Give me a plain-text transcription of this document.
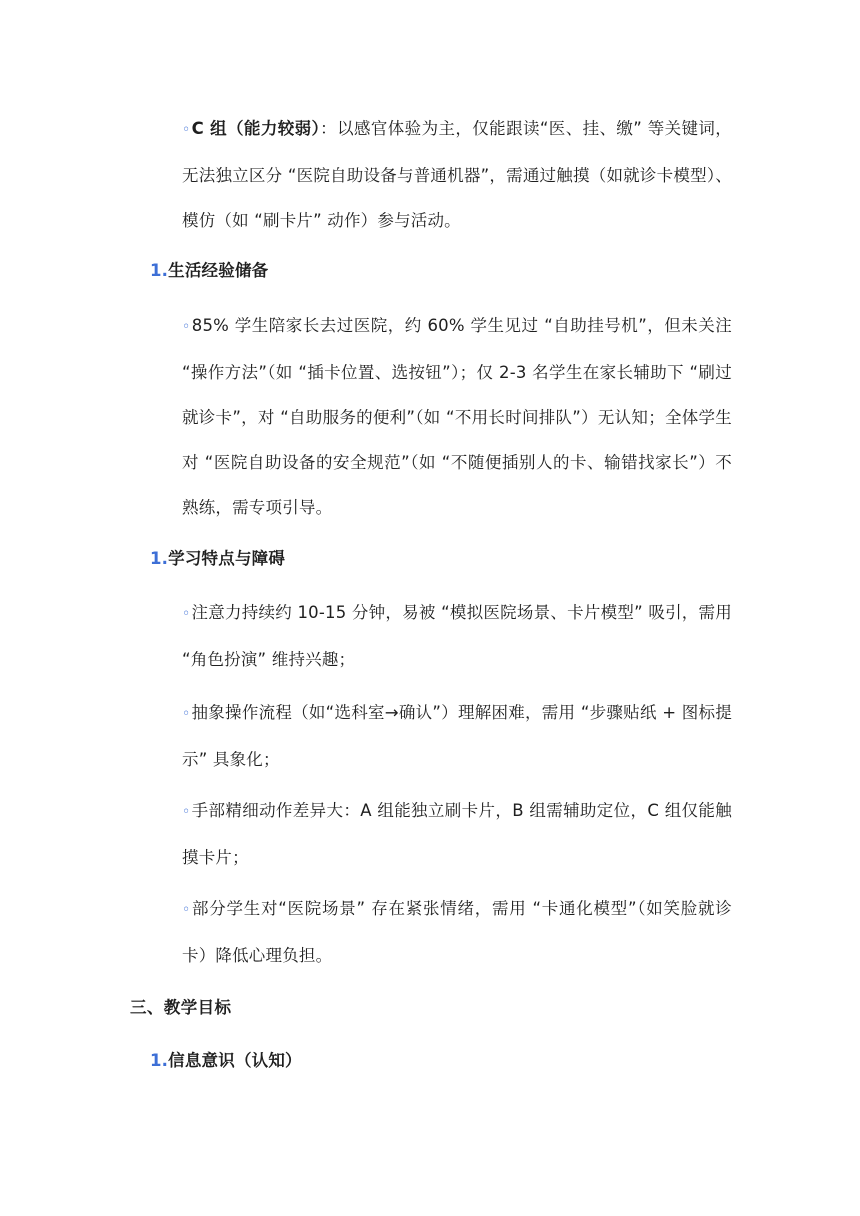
◦C 组（能力较弱）：以感官体验为主，仅能跟读“医、挂、缴” 等关键词，无法独立区分 “医院自助设备与普通机器”，需通过触摸（如就诊卡模型）、模仿（如 “刷卡片” 动作）参与活动。
1.生活经验储备
◦85% 学生陪家长去过医院，约 60% 学生见过 “自助挂号机”，但未关注 “操作方法”（如 “插卡位置、选按钮”）；仅 2-3 名学生在家长辅助下 “刷过就诊卡”，对 “自助服务的便利”（如 “不用长时间排队”）无认知；全体学生对 “医院自助设备的安全规范”（如 “不随便插别人的卡、输错找家长”）不熟练，需专项引导。
1.学习特点与障碍
◦注意力持续约 10-15 分钟，易被 “模拟医院场景、卡片模型” 吸引，需用 “角色扮演” 维持兴趣；
◦抽象操作流程（如“选科室→确认”）理解困难，需用 “步骤贴纸 + 图标提示” 具象化；
◦手部精细动作差异大：A 组能独立刷卡片，B 组需辅助定位，C 组仅能触摸卡片；
◦部分学生对“医院场景” 存在紧张情绪，需用 “卡通化模型”（如笑脸就诊卡）降低心理负担。
三、教学目标
1.信息意识（认知）
